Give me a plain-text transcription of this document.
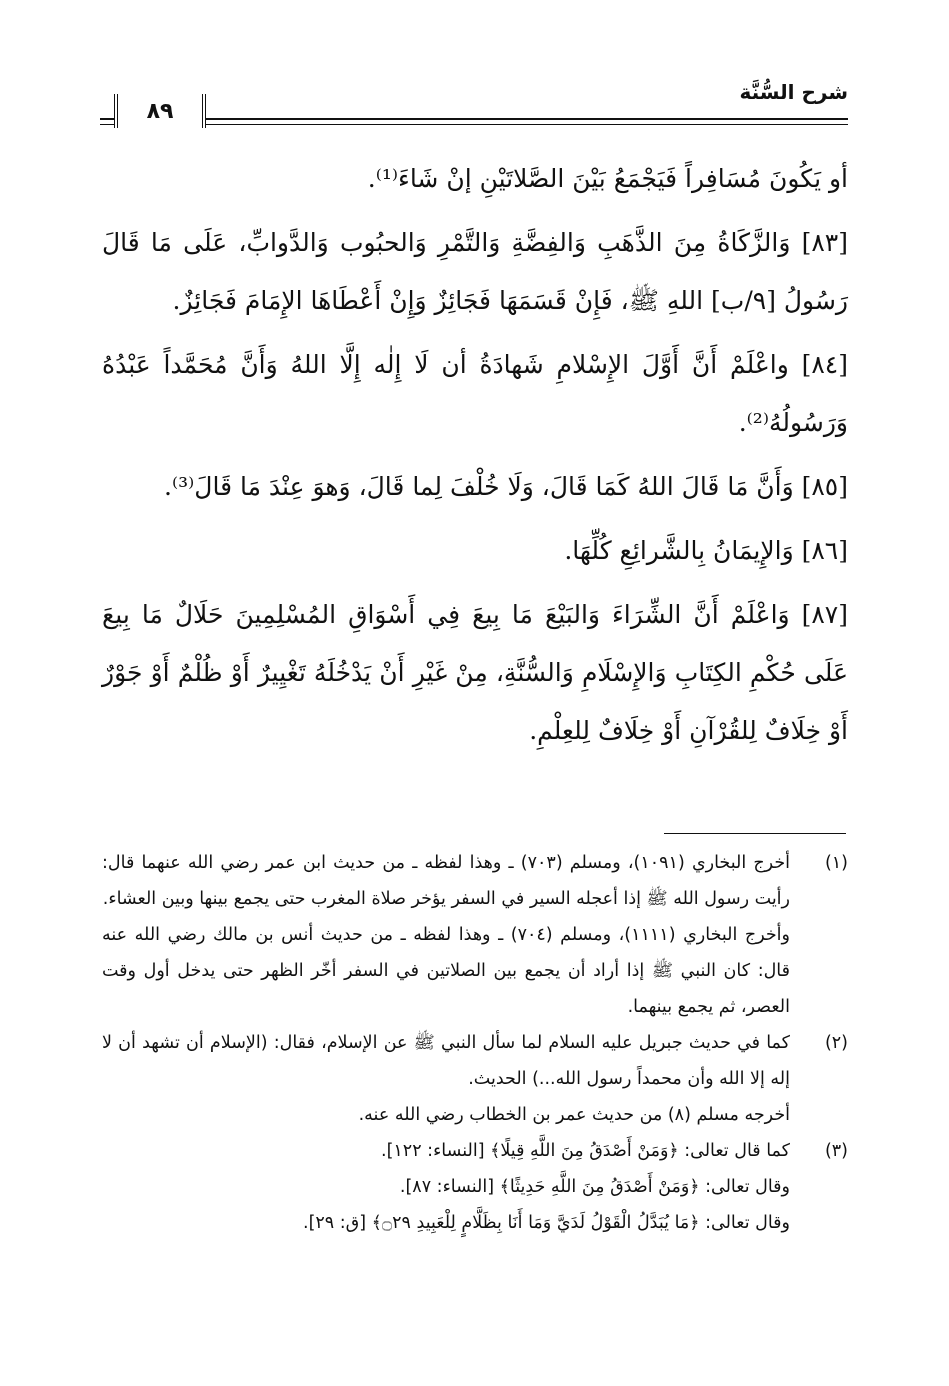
شرح السُّنَّة
٨٩

أو يَكُونَ مُسَافِراً فَيَجْمَعُ بَيْنَ الصَّلاتَيْنِ إنْ شَاءَ⁽¹⁾.

[٨٣] وَالزَّكَاةُ مِنَ الذَّهَبِ وَالفِضَّةِ وَالتَّمْرِ وَالحبُوب وَالدَّوابِّ، عَلَى مَا قَالَ رَسُولُ [٩/ب] اللهِ ﷺ، فَإِنْ قَسَمَهَا فَجَائِزٌ وَإِنْ أَعْطَاهَا الإِمَامَ فَجَائِزٌ.

[٨٤] واعْلَمْ أَنَّ أَوَّلَ الإِسْلامِ شَهادَةُ أن لَا إِلٰه إِلَّا اللهُ وَأَنَّ مُحَمَّداً عَبْدُهُ وَرَسُولُهُ⁽²⁾.

[٨٥] وَأَنَّ مَا قَالَ اللهُ كَمَا قَالَ، وَلَا خُلْفَ لِما قَالَ، وَهوَ عِنْدَ مَا قَالَ⁽³⁾.

[٨٦] وَالإِيمَانُ بِالشَّرائِعِ كُلِّهَا.

[٨٧] وَاعْلَمْ أَنَّ الشِّرَاءَ وَالبَيْعَ مَا بِيعَ فِي أَسْوَاقِ المُسْلِمِينَ حَلَالٌ مَا بِيعَ عَلَى حُكْمِ الكِتَابِ وَالإِسْلَامِ وَالسُّنَّةِ، مِنْ غَيْرِ أَنْ يَدْخُلَهُ تَغْيِيرٌ أَوْ ظُلْمٌ أَوْ جَوْرٌ أَوْ خِلَافٌ لِلقُرْآنِ أَوْ خِلَافٌ لِلعِلْمِ.

(١)

أخرج البخاري (١٠٩١)، ومسلم (٧٠٣) ـ وهذا لفظه ـ من حديث ابن عمر رضي الله عنهما قال: رأيت رسول الله ﷺ إذا أعجله السير في السفر يؤخر صلاة المغرب حتى يجمع بينها وبين العشاء.

وأخرج البخاري (١١١١)، ومسلم (٧٠٤) ـ وهذا لفظه ـ من حديث أنس بن مالك رضي الله عنه قال: كان النبي ﷺ إذا أراد أن يجمع بين الصلاتين في السفر أخّر الظهر حتى يدخل أول وقت العصر، ثم يجمع بينهما.

(٢)

كما في حديث جبريل عليه السلام لما سأل النبي ﷺ عن الإسلام، فقال: (الإسلام أن تشهد أن لا إله إلا الله وأن محمداً رسول الله...) الحديث.

أخرجه مسلم (٨) من حديث عمر بن الخطاب رضي الله عنه.

(٣)

كما قال تعالى: ﴿وَمَنْ أَصْدَقُ مِنَ اللَّهِ قِيلًا﴾ [النساء: ١٢٢].

وقال تعالى: ﴿وَمَنْ أَصْدَقُ مِنَ اللَّهِ حَدِيثًا﴾ [النساء: ٨٧].

وقال تعالى: ﴿مَا يُبَدَّلُ الْقَوْلُ لَدَيَّ وَمَا أَنَا بِظَلَّامٍ لِلْعَبِيدِ ۝٢٩﴾ [ق: ٢٩].
